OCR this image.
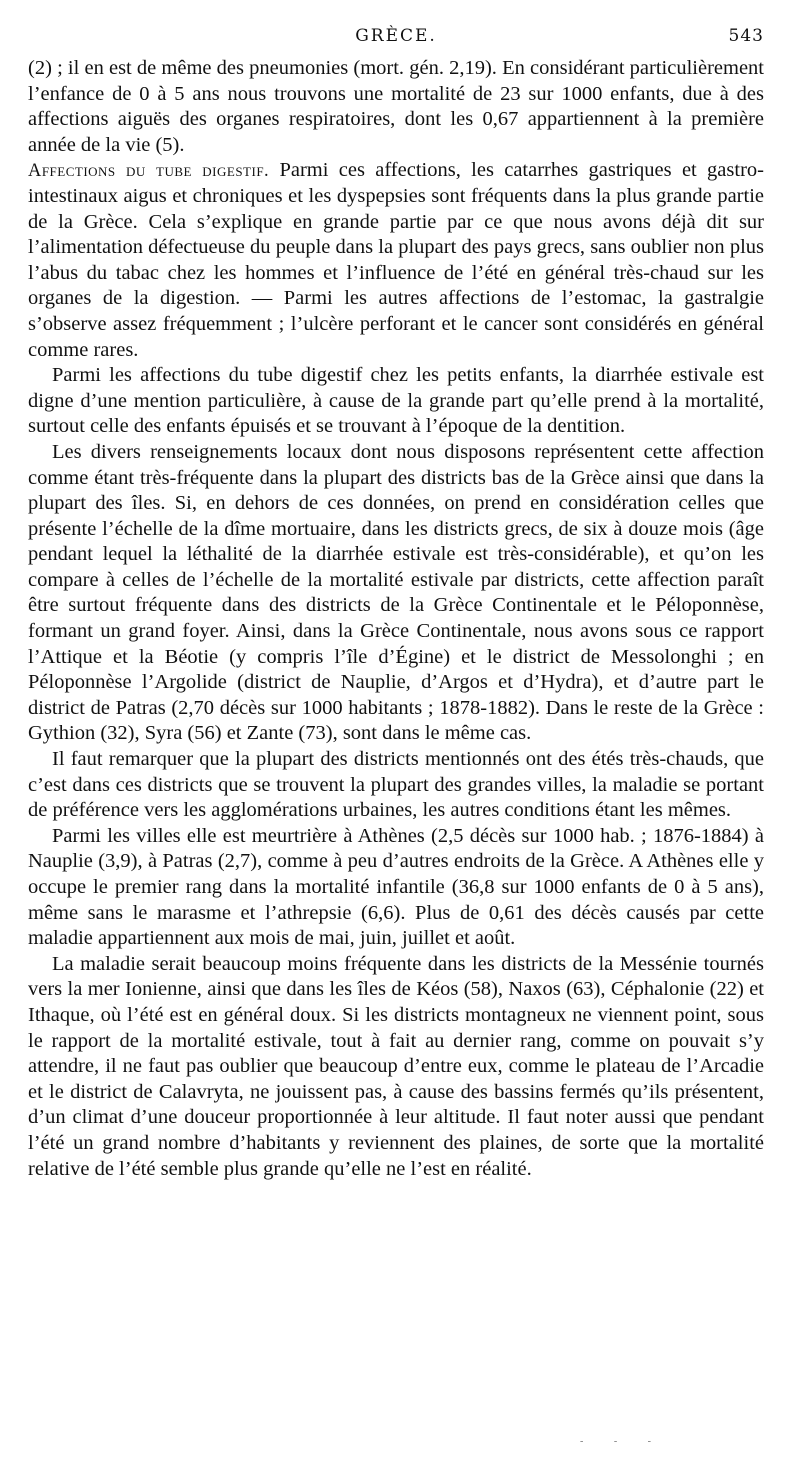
GRÈCE.	543

(2) ; il en est de même des pneumonies (mort. gén. 2,19). En considérant particulièrement l’enfance de 0 à 5 ans nous trouvons une mortalité de 23 sur 1000 enfants, due à des affections aiguës des organes respiratoires, dont les 0,67 appartiennent à la première année de la vie (5).

Affections du tube digestif. Parmi ces affections, les catarrhes gastriques et gastro-intestinaux aigus et chroniques et les dyspepsies sont fréquents dans la plus grande partie de la Grèce. Cela s’explique en grande partie par ce que nous avons déjà dit sur l’alimentation défectueuse du peuple dans la plupart des pays grecs, sans oublier non plus l’abus du tabac chez les hommes et l’influence de l’été en général très-chaud sur les organes de la digestion. — Parmi les autres affections de l’estomac, la gastralgie s’observe assez fréquemment ; l’ulcère perforant et le cancer sont considérés en général comme rares.

Parmi les affections du tube digestif chez les petits enfants, la diarrhée estivale est digne d’une mention particulière, à cause de la grande part qu’elle prend à la mortalité, surtout celle des enfants épuisés et se trouvant à l’époque de la dentition.

Les divers renseignements locaux dont nous disposons représentent cette affection comme étant très-fréquente dans la plupart des districts bas de la Grèce ainsi que dans la plupart des îles. Si, en dehors de ces données, on prend en considération celles que présente l’échelle de la dîme mortuaire, dans les districts grecs, de six à douze mois (âge pendant lequel la léthalité de la diarrhée estivale est très-considérable), et qu’on les compare à celles de l’échelle de la mortalité estivale par districts, cette affection paraît être surtout fréquente dans des districts de la Grèce Continentale et le Péloponnèse, formant un grand foyer. Ainsi, dans la Grèce Continentale, nous avons sous ce rapport l’Attique et la Béotie (y compris l’île d’Égine) et le district de Messolonghi ; en Péloponnèse l’Argolide (district de Nauplie, d’Argos et d’Hydra), et d’autre part le district de Patras (2,70 décès sur 1000 habitants ; 1878-1882). Dans le reste de la Grèce : Gythion (32), Syra (56) et Zante (73), sont dans le même cas.

Il faut remarquer que la plupart des districts mentionnés ont des étés très-chauds, que c’est dans ces districts que se trouvent la plupart des grandes villes, la maladie se portant de préférence vers les agglomérations urbaines, les autres conditions étant les mêmes.

Parmi les villes elle est meurtrière à Athènes (2,5 décès sur 1000 hab. ; 1876-1884) à Nauplie (3,9), à Patras (2,7), comme à peu d’autres endroits de la Grèce. A Athènes elle y occupe le premier rang dans la mortalité infantile (36,8 sur 1000 enfants de 0 à 5 ans), même sans le marasme et l’athrepsie (6,6). Plus de 0,61 des décès causés par cette maladie appartiennent aux mois de mai, juin, juillet et août.

La maladie serait beaucoup moins fréquente dans les districts de la Messénie tournés vers la mer Ionienne, ainsi que dans les îles de Kéos (58), Naxos (63), Céphalonie (22) et Ithaque, où l’été est en général doux. Si les districts montagneux ne viennent point, sous le rapport de la mortalité estivale, tout à fait au dernier rang, comme on pouvait s’y attendre, il ne faut pas oublier que beaucoup d’entre eux, comme le plateau de l’Arcadie et le district de Calavryta, ne jouissent pas, à cause des bassins fermés qu’ils présentent, d’un climat d’une douceur proportionnée à leur altitude. Il faut noter aussi que pendant l’été un grand nombre d’habitants y reviennent des plaines, de sorte que la mortalité relative de l’été semble plus grande qu’elle ne l’est en réalité.

- - -
